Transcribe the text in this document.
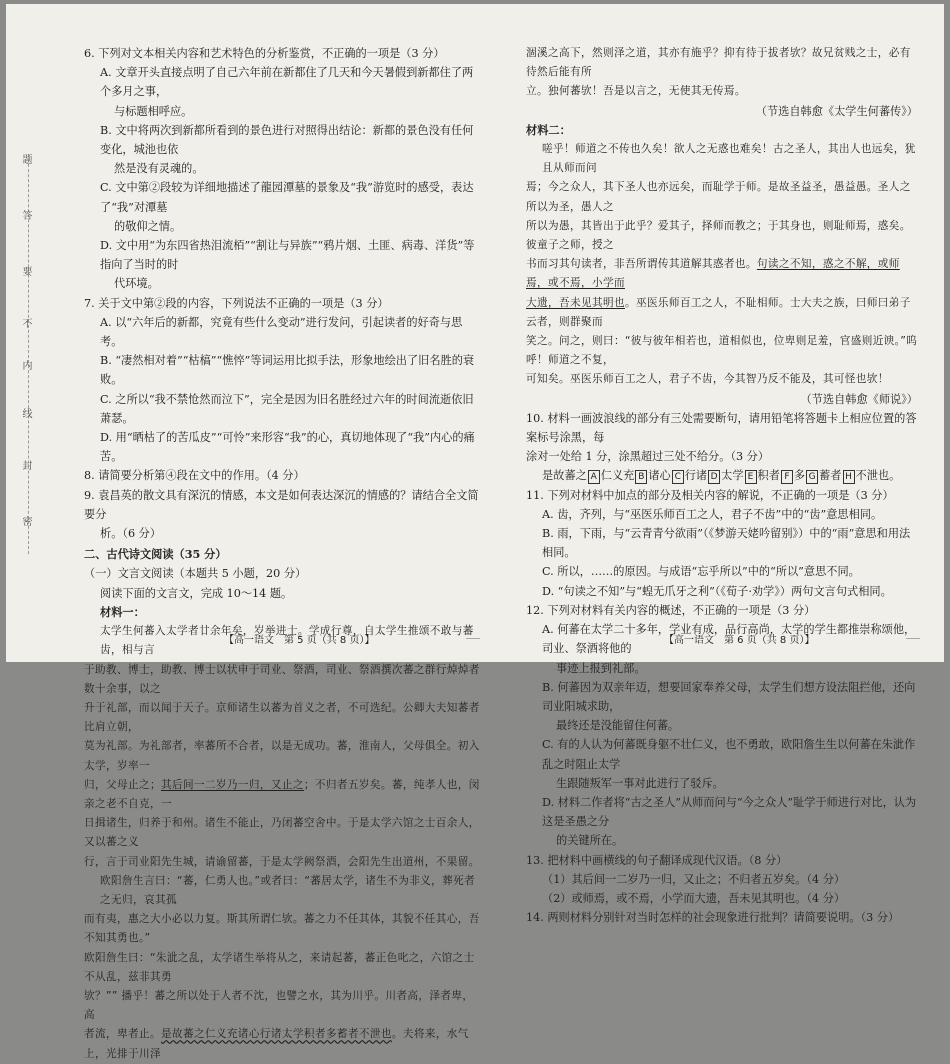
题
答
要
不
内
线
封
密

6. 下列对文本相关内容和艺术特色的分析鉴赏，不正确的一项是（3 分）

A. 文章开头直接点明了自己六年前在新都住了几天和今天暑假到新都住了两个多月之事，

与标题相呼应。

B. 文中将两次到新都所看到的景色进行对照得出结论：新都的景色没有任何变化，城池也依

然是没有灵魂的。

C. 文中第②段较为详细地描述了龍园潭墓的景象及“我”游览时的感受，表达了“我”对潭墓

的敬仰之情。

D. 文中用“为东四省热泪流栢”“割让与异族”“鸦片烟、土匪、病毒、洋货”等指向了当时的时

代环境。

7. 关于文中第②段的内容，下列说法不正确的一项是（3 分）

A. 以“六年后的新都，究竟有些什么变动”进行发问，引起读者的好奇与思考。

B. “凄然相对着”“枯槁”“憔悴”等词运用比拟手法，形象地绘出了旧名胜的衰败。

C. 之所以“我不禁怆然而泣下”，完全是因为旧名胜经过六年的时间流逝依旧萧瑟。

D. 用“晒枯了的苦瓜皮”“可怜”来形容“我”的心，真切地体现了“我”内心的痛苦。

8. 请简要分析第④段在文中的作用。（4 分）

9. 袁昌英的散文具有深沉的情感，本文是如何表达深沉的情感的？请结合全文简要分

析。（6 分）

二、古代诗文阅读（35 分）

（一）文言文阅读（本题共 5 小题，20 分）

阅读下面的文言文，完成 10～14 题。

材料一：

太学生何蕃入太学者廿余年矣，岁举进士。学成行尊，自太学生推颂不敢与蕃齿，相与言

于助教、博士，助教、博士以状申于司业、祭酒，司业、祭酒撰次蕃之群行焯焯者数十余事，以之

升于礼部，而以闻于天子。京师诸生以蕃为首义之者，不可选纪。公卿大夫知蕃者比肩立朝，

莫为礼部。为礼部者，率蕃所不合者，以是无成功。蕃，淮南人，父母俱全。初入太学，岁率一

归，父母止之；其后间一二岁乃一归，又止之；不归者五岁矣。蕃，纯孝人也，闵亲之老不自克，一

日揖诸生，归养于和州。诸生不能止，乃闭蕃空舍中。于是太学六馆之士百余人，又以蕃之义

行，言于司业阳先生城，请谕留蕃，于是太学阙祭酒，会阳先生出道州，不果留。

欧阳詹生言曰：“蕃，仁勇人也。”或者曰：“蕃居太学，诸生不为非义，葬死者之无归，哀其孤

而有夷，惠之大小必以力复。斯其所谓仁欤。蕃之力不任其体，其貌不任其心，吾不知其勇也。”

欧阳詹生曰：“朱泚之乱，太学诸生举将从之，来请起蕃，蕃正色叱之，六馆之士不从乱，兹非其勇

欤？”” 播乎！蕃之所以处于人者不沈，也譬之水，其为川乎。川者高，泽者卑，高

者流，卑者止。是故蕃之仁义充诸心行诸太学积者多蓄者不泄也。夫将来，水气上，光排于川泽

涸溪之高下，然则泽之道，其亦有施乎？抑有待于拔者欤？故兄贫贱之士，必有待然后能有所

立。独何蕃欤！吾是以言之，无使其无传焉。

（节选自韩愈《太学生何蕃传》）

材料二：

嗟乎！师道之不传也久矣！欲人之无惑也难矣！古之圣人，其出人也远矣，犹且从师而问

焉；今之众人，其下圣人也亦远矣，而耻学于师。是故圣益圣，愚益愚。圣人之所以为圣，愚人之

所以为愚，其皆出于此乎？爱其子，择师而教之；于其身也，则耻师焉，惑矣。彼童子之师，授之

书而习其句读者，非吾所谓传其道解其惑者也。句读之不知，惑之不解，或师焉，或不焉，小学而

大遗，吾未见其明也。巫医乐师百工之人，不耻相师。士大夫之族，曰师曰弟子云者，则群聚而

笑之。问之，则曰：“彼与彼年相若也，道相似也，位卑则足羞，官盛则近谀。”呜呼！师道之不复，

可知矣。巫医乐师百工之人，君子不齿，今其智乃反不能及，其可怪也欤！

（节选自韩愈《师说》）

10. 材料一画波浪线的部分有三处需要断句，请用铅笔将答题卡上相应位置的答案标号涂黑，每

涂对一处给 1 分，涂黑超过三处不给分。（3 分）

是故蕃之 A 仁义充 B 诸心 C 行诸 D 太学 E 积者 F 多 G 蓄者 H 不泄也。

11. 下列对材料中加点的部分及相关内容的解说，不正确的一项是（3 分）

A. 齿，齐列，与“巫医乐师百工之人，君子不齿”中的“齿”意思相同。

B. 雨，下雨，与“云青青兮欲雨”（《梦游天姥吟留别》）中的“雨”意思和用法相同。

C. 所以，……的原因。与成语“忘乎所以”中的“所以”意思不同。

D. “句读之不知”与“蝗无爪牙之利”（《荀子·劝学》）两句文言句式相同。

12. 下列对材料有关内容的概述，不正确的一项是（3 分）

A. 何蕃在太学二十多年，学业有成，品行高尚，太学的学生都推崇称颂他，司业、祭酒将他的

事迹上报到礼部。

B. 何蕃因为双亲年迈，想要回家奉养父母，太学生们想方设法阻拦他，还向司业阳城求助，

最终还是没能留住何蕃。

C. 有的人认为何蕃既身躯不壮仁义，也不勇敢，欧阳詹生生以何蕃在朱泚作乱之时阻止太学

生跟随叛军一事对此进行了驳斥。

D. 材料二作者将“古之圣人”从师而问与“今之众人”耻学于师进行对比，认为这是圣愚之分

的关键所在。

13. 把材料中画横线的句子翻译成现代汉语。（8 分）

（1）其后间一二岁乃一归，又止之；不归者五岁矣。（4 分）

（2）或师焉，或不焉，小学而大遗，吾未见其明也。（4 分）

14. 两则材料分别针对当时怎样的社会现象进行批判？请简要说明。（3 分）

【高一语文　第 5 页（共 8 页）】	【高一语文　第 6 页（共 8 页）】
